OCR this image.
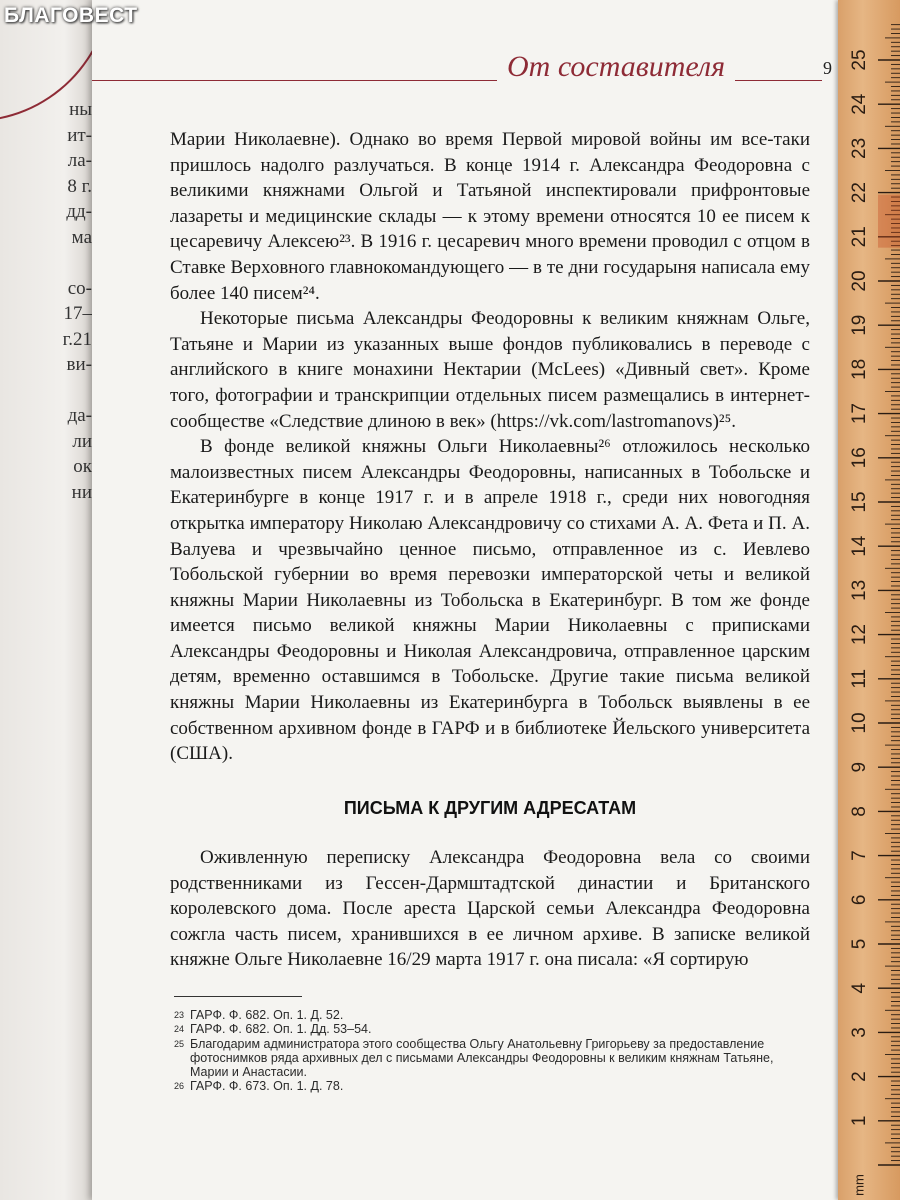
ны
ит-
ла-
8 г.
дд-
ма

со-
17–
г.21
ви-

да-
ли
ок
ни
БЛАГОВЕСТ
От составителя	9

Марии Николаевне). Однако во время Первой мировой войны им все-таки пришлось надолго разлучаться. В конце 1914 г. Александра Феодоровна с великими княжнами Ольгой и Татьяной инспектировали прифронтовые лазареты и медицинские склады — к этому времени относятся 10 ее писем к цесаревичу Алексею²³. В 1916 г. цесаревич много времени проводил с отцом в Ставке Верховного главнокомандующего — в те дни государыня написала ему более 140 писем²⁴.

Некоторые письма Александры Феодоровны к великим княжнам Ольге, Татьяне и Марии из указанных выше фондов публиковались в переводе с английского в книге монахини Нектарии (McLees) «Дивный свет». Кроме того, фотографии и транскрипции отдельных писем размещались в интернет-сообществе «Следствие длиною в век» (https://vk.com/lastromanovs)²⁵.

В фонде великой княжны Ольги Николаевны²⁶ отложилось несколько малоизвестных писем Александры Феодоровны, написанных в Тобольске и Екатеринбурге в конце 1917 г. и в апреле 1918 г., среди них новогодняя открытка императору Николаю Александровичу со стихами А. А. Фета и П. А. Валуева и чрезвычайно ценное письмо, отправленное из с. Иевлево Тобольской губернии во время перевозки императорской четы и великой княжны Марии Николаевны из Тобольска в Екатеринбург. В том же фонде имеется письмо великой княжны Марии Николаевны с приписками Александры Феодоровны и Николая Александровича, отправленное царским детям, временно оставшимся в Тобольске. Другие такие письма великой княжны Марии Николаевны из Екатеринбурга в Тобольск выявлены в ее собственном архивном фонде в ГАРФ и в библиотеке Йельского университета (США).

ПИСЬМА К ДРУГИМ АДРЕСАТАМ

Оживленную переписку Александра Феодоровна вела со своими родственниками из Гессен-Дармштадтской династии и Британского королевского дома. После ареста Царской семьи Александра Феодоровна сожгла часть писем, хранившихся в ее личном архиве. В записке великой княжне Ольге Николаевне 16/29 марта 1917 г. она писала: «Я сортирую

23 ГАРФ. Ф. 682. Оп. 1. Д. 52.
24 ГАРФ. Ф. 682. Оп. 1. Дд. 53–54.
25 Благодарим администратора этого сообщества Ольгу Анатольевну Григорьеву за предоставление фотоснимков ряда архивных дел с письмами Александры Феодоровны к великим княжнам Татьяне, Марии и Анастасии.
26 ГАРФ. Ф. 673. Оп. 1. Д. 78.
1
2
3
4
5
6
7
8
9
10
11
12
13
14
15
16
17
18
19
20
21
22
23
24
25
mm
